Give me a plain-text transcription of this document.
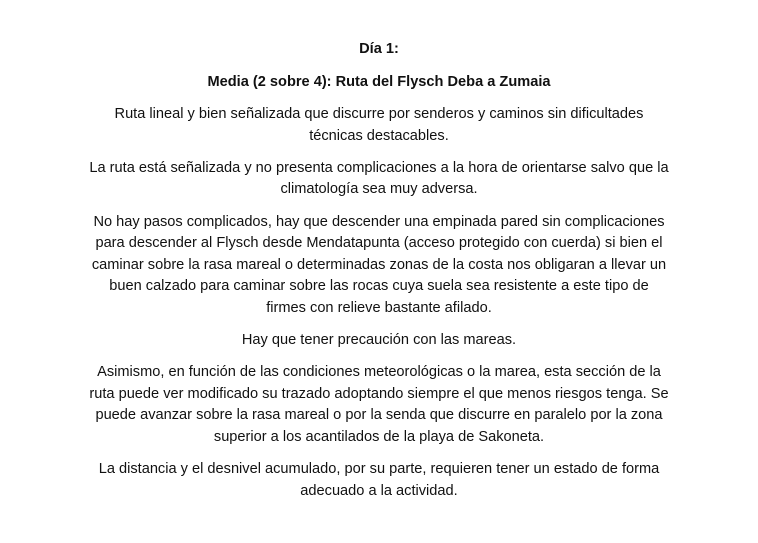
Día 1:

Media (2 sobre 4): Ruta del Flysch Deba a Zumaia

Ruta lineal y bien señalizada que discurre por senderos y caminos sin dificultades técnicas destacables.

La ruta está señalizada y no presenta complicaciones a la hora de orientarse salvo que la climatología sea muy adversa.

No hay pasos complicados, hay que descender una empinada pared sin complicaciones para descender al Flysch desde Mendatapunta (acceso protegido con cuerda) si bien el caminar sobre la rasa mareal o determinadas zonas de la costa nos obligaran a llevar un buen calzado para caminar sobre las rocas cuya suela sea resistente a este tipo de firmes con relieve bastante afilado.

Hay que tener precaución con las mareas.

Asimismo, en función de las condiciones meteorológicas o la marea, esta sección de la ruta puede ver modificado su trazado adoptando siempre el que menos riesgos tenga. Se puede avanzar sobre la rasa mareal o por la senda que discurre en paralelo por la zona superior a los acantilados de la playa de Sakoneta.

La distancia y el desnivel acumulado, por su parte, requieren tener un estado de forma adecuado a la actividad.
